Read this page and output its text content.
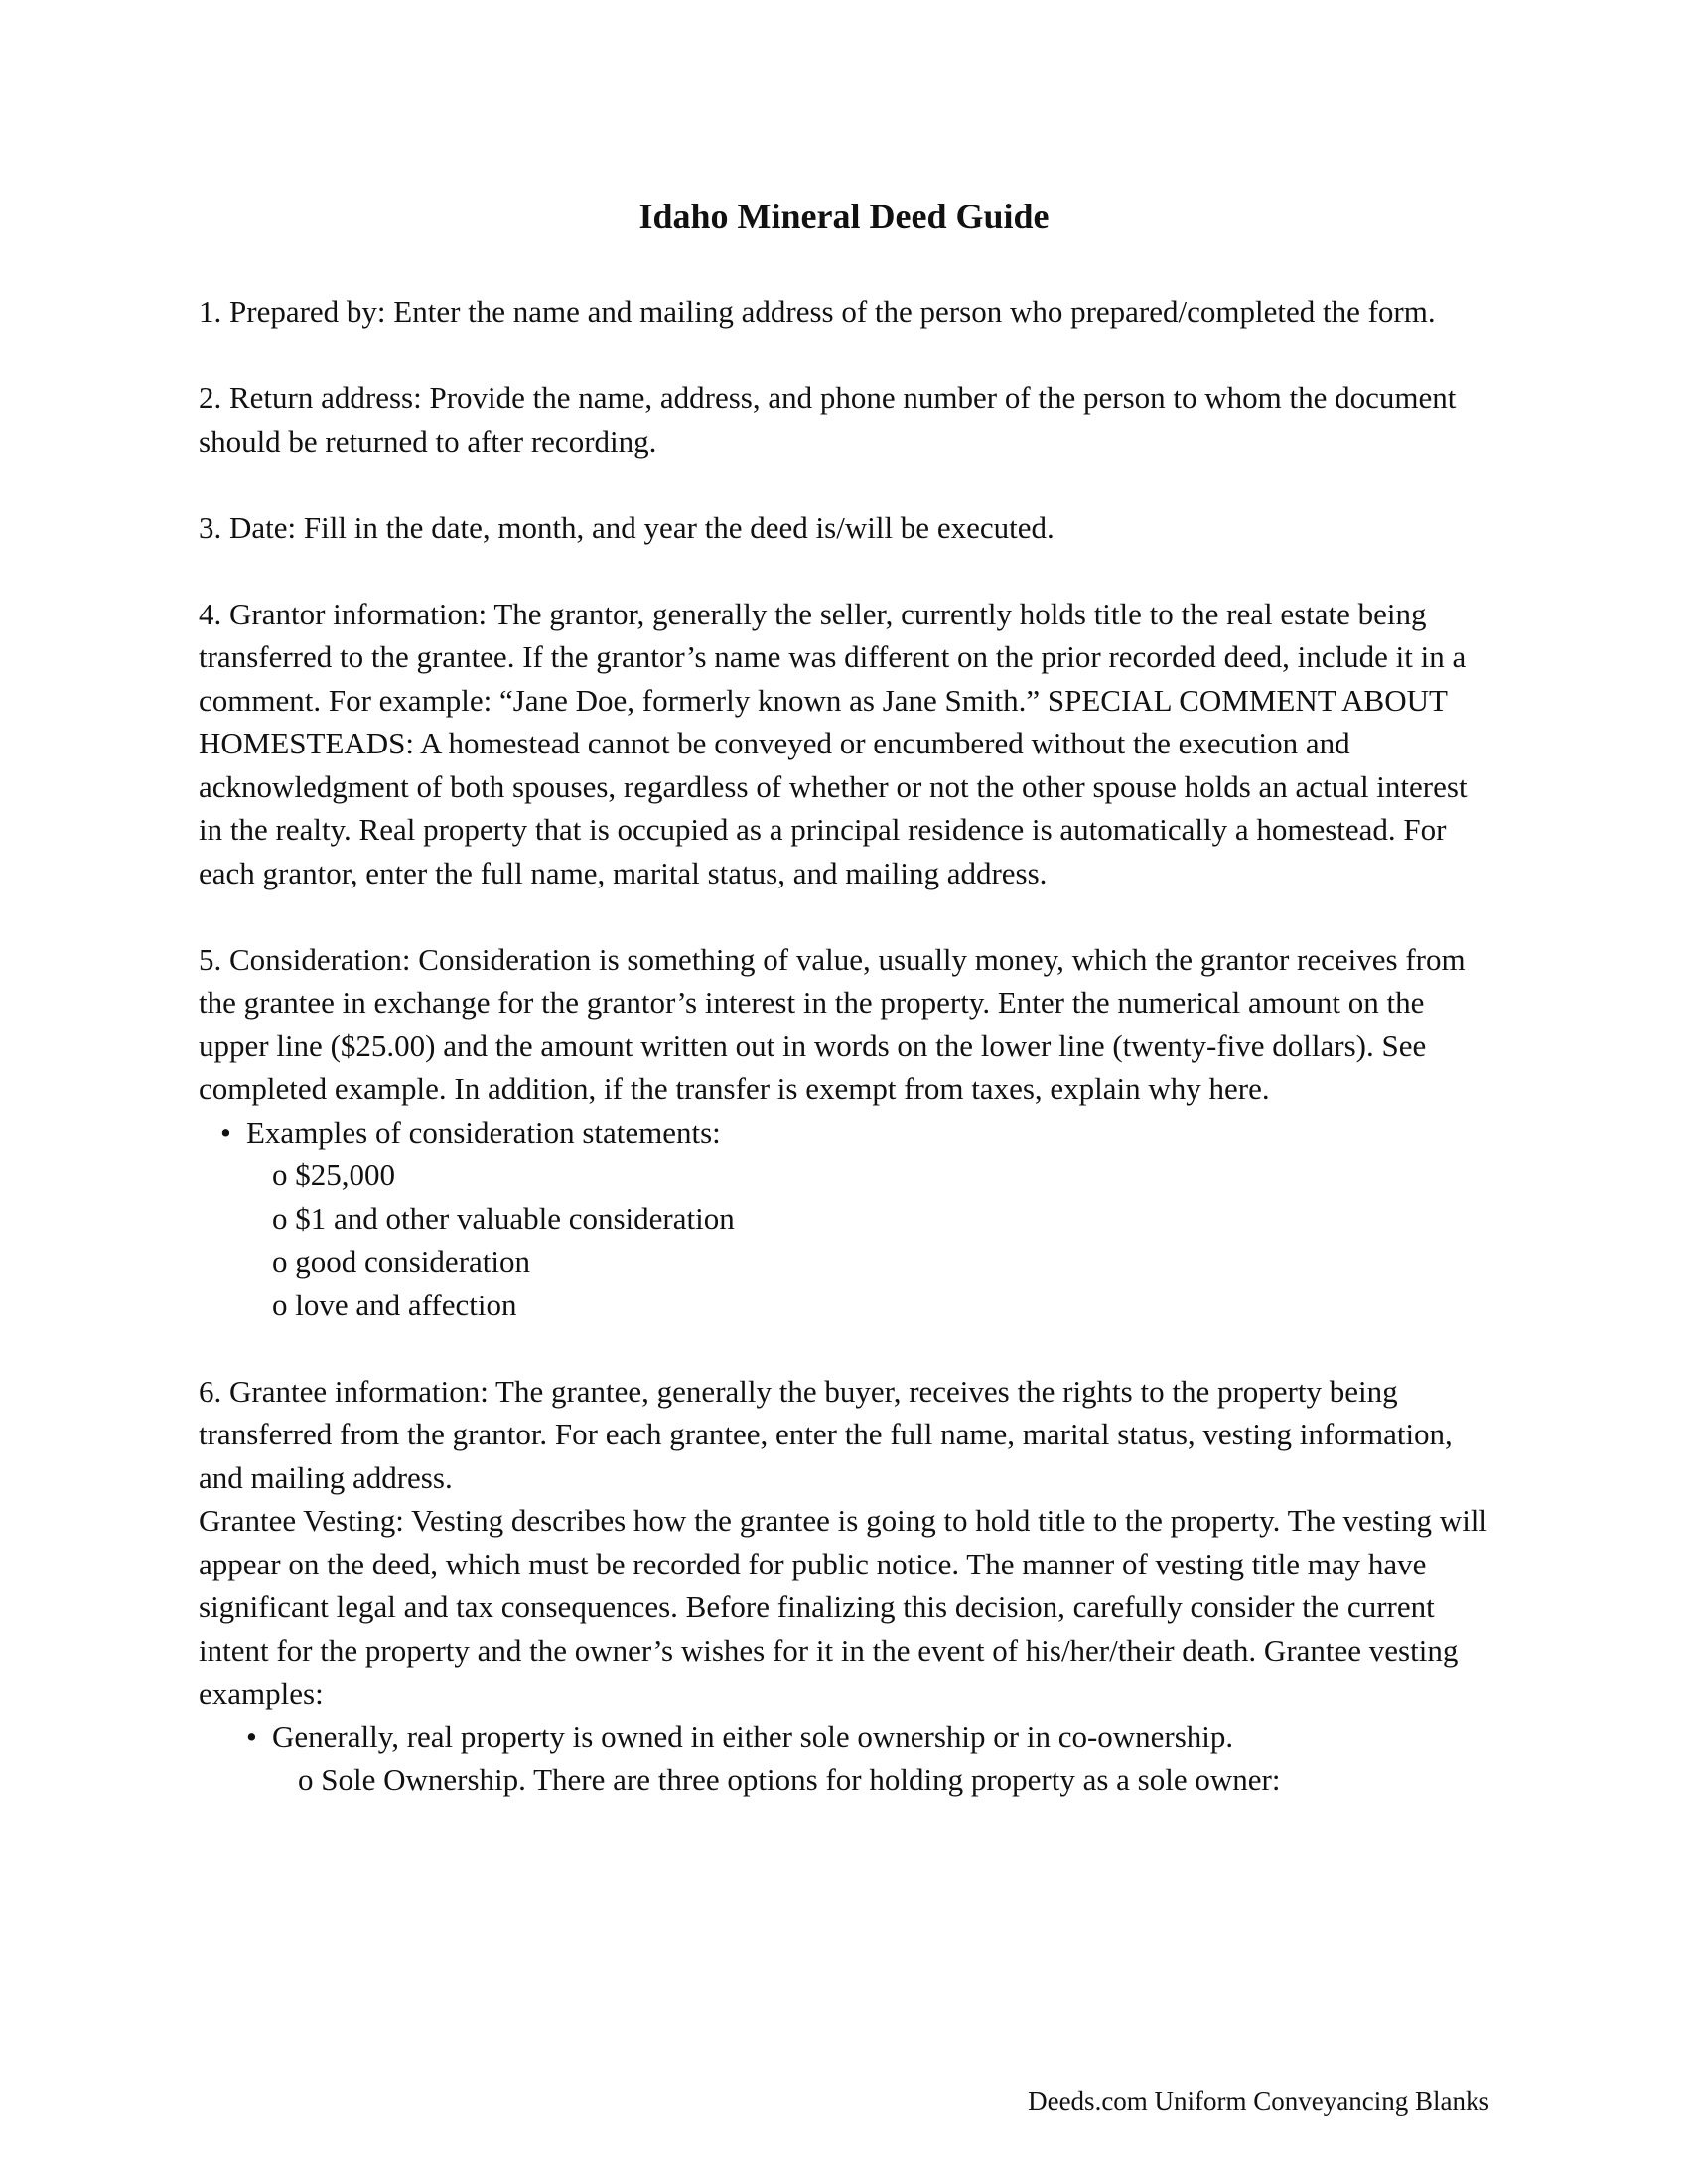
Idaho Mineral Deed Guide

1. Prepared by: Enter the name and mailing address of the person who prepared/completed the form.

2. Return address: Provide the name, address, and phone number of the person to whom the document should be returned to after recording.

3. Date: Fill in the date, month, and year the deed is/will be executed.

4. Grantor information: The grantor, generally the seller, currently holds title to the real estate being transferred to the grantee. If the grantor’s name was different on the prior recorded deed, include it in a comment. For example: “Jane Doe, formerly known as Jane Smith.” SPECIAL COMMENT ABOUT HOMESTEADS: A homestead cannot be conveyed or encumbered without the execution and acknowledgment of both spouses, regardless of whether or not the other spouse holds an actual interest in the realty. Real property that is occupied as a principal residence is automatically a homestead. For each grantor, enter the full name, marital status, and mailing address.

5. Consideration: Consideration is something of value, usually money, which the grantor receives from the grantee in exchange for the grantor’s interest in the property. Enter the numerical amount on the upper line ($25.00) and the amount written out in words on the lower line (twenty-five dollars). See completed example. In addition, if the transfer is exempt from taxes, explain why here.

• Examples of consideration statements:
o $25,000
o $1 and other valuable consideration
o good consideration
o love and affection

6. Grantee information: The grantee, generally the buyer, receives the rights to the property being transferred from the grantor. For each grantee, enter the full name, marital status, vesting information, and mailing address.

Grantee Vesting: Vesting describes how the grantee is going to hold title to the property. The vesting will appear on the deed, which must be recorded for public notice. The manner of vesting title may have significant legal and tax consequences. Before finalizing this decision, carefully consider the current intent for the property and the owner’s wishes for it in the event of his/her/their death. Grantee vesting examples:

• Generally, real property is owned in either sole ownership or in co-ownership.
o Sole Ownership. There are three options for holding property as a sole owner:
Deeds.com Uniform Conveyancing Blanks
